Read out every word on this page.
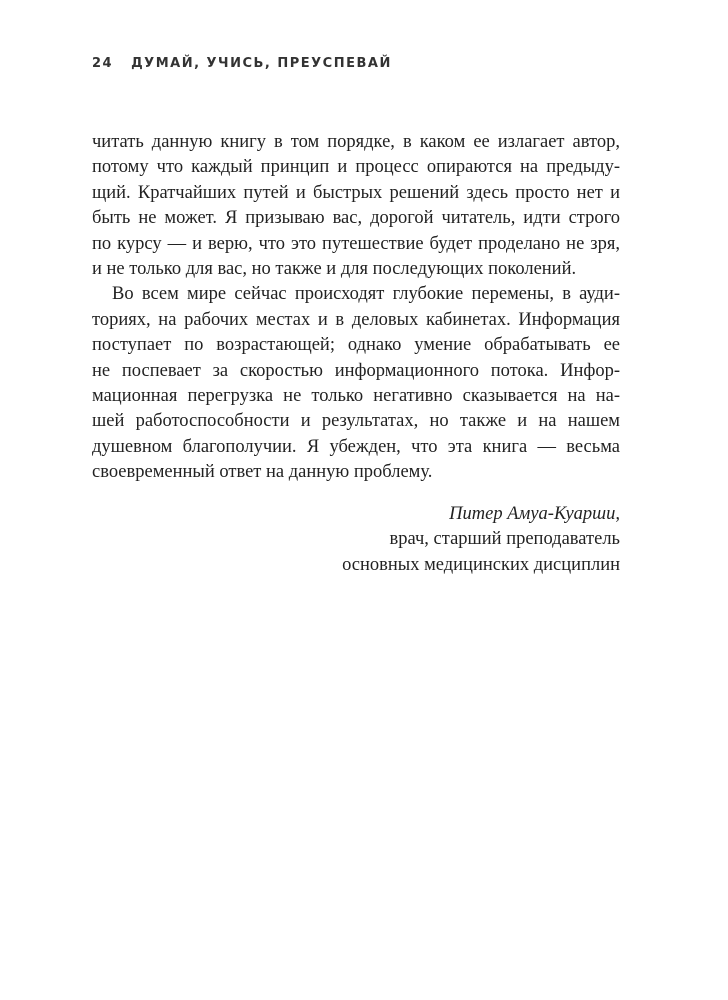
24 ДУМАЙ, УЧИСЬ, ПРЕУСПЕВАЙ
читать данную книгу в том порядке, в каком ее излагает автор,
потому что каждый принцип и процесс опираются на предыду-
щий. Кратчайших путей и быстрых решений здесь просто нет и
быть не может. Я призываю вас, дорогой читатель, идти строго
по курсу — и верю, что это путешествие будет проделано не зря,
и не только для вас, но также и для последующих поколений.
Во всем мире сейчас происходят глубокие перемены, в ауди-
ториях, на рабочих местах и в деловых кабинетах. Информация
поступает по возрастающей; однако умение обрабатывать ее
не поспевает за скоростью информационного потока. Инфор-
мационная перегрузка не только негативно сказывается на на-
шей работоспособности и результатах, но также и на нашем
душевном благополучии. Я убежден, что эта книга — весьма
своевременный ответ на данную проблему.
Питер Амуа-Куарши,
врач, старший преподаватель
основных медицинских дисциплин
